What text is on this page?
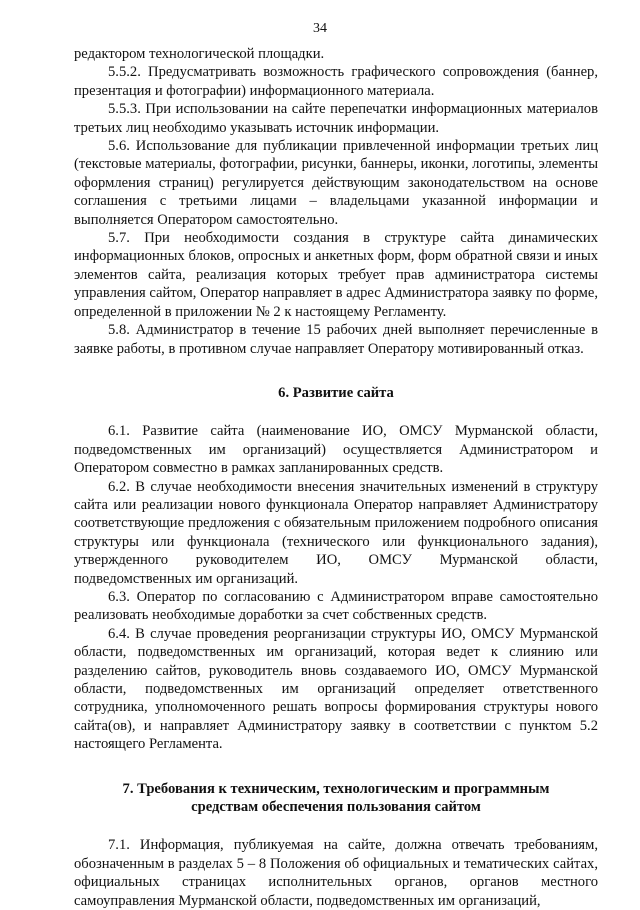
34

редактором технологической площадки.

5.5.2. Предусматривать возможность графического сопровождения (баннер, презентация и фотографии) информационного материала.

5.5.3. При использовании на сайте перепечатки информационных материалов третьих лиц необходимо указывать источник информации.

5.6. Использование для публикации привлеченной информации третьих лиц (текстовые материалы, фотографии, рисунки, баннеры, иконки, логотипы, элементы оформления страниц) регулируется действующим законодательством на основе соглашения с третьими лицами – владельцами указанной информации и выполняется Оператором самостоятельно.

5.7. При необходимости создания в структуре сайта динамических информационных блоков, опросных и анкетных форм, форм обратной связи и иных элементов сайта, реализация которых требует прав администратора системы управления сайтом, Оператор направляет в адрес Администратора заявку по форме, определенной в приложении № 2 к настоящему Регламенту.

5.8. Администратор в течение 15 рабочих дней выполняет перечисленные в заявке работы, в противном случае направляет Оператору мотивированный отказ.

6. Развитие сайта

6.1. Развитие сайта (наименование ИО, ОМСУ Мурманской области, подведомственных им организаций) осуществляется Администратором и Оператором совместно в рамках запланированных средств.

6.2. В случае необходимости внесения значительных изменений в структуру сайта или реализации нового функционала Оператор направляет Администратору соответствующие предложения с обязательным приложением подробного описания структуры или функционала (технического или функционального задания), утвержденного руководителем ИО, ОМСУ Мурманской области, подведомственных им организаций.

6.3. Оператор по согласованию с Администратором вправе самостоятельно реализовать необходимые доработки за счет собственных средств.

6.4. В случае проведения реорганизации структуры ИО, ОМСУ Мурманской области, подведомственных им организаций, которая ведет к слиянию или разделению сайтов, руководитель вновь создаваемого ИО, ОМСУ Мурманской области, подведомственных им организаций определяет ответственного сотрудника, уполномоченного решать вопросы формирования структуры нового сайта(ов), и направляет Администратору заявку в соответствии с пунктом 5.2 настоящего Регламента.

7. Требования к техническим, технологическим и программным
средствам обеспечения пользования сайтом

7.1. Информация, публикуемая на сайте, должна отвечать требованиям, обозначенным в разделах 5 – 8 Положения об официальных и тематических сайтах, официальных страницах исполнительных органов, органов местного самоуправления Мурманской области, подведомственных им организаций,
